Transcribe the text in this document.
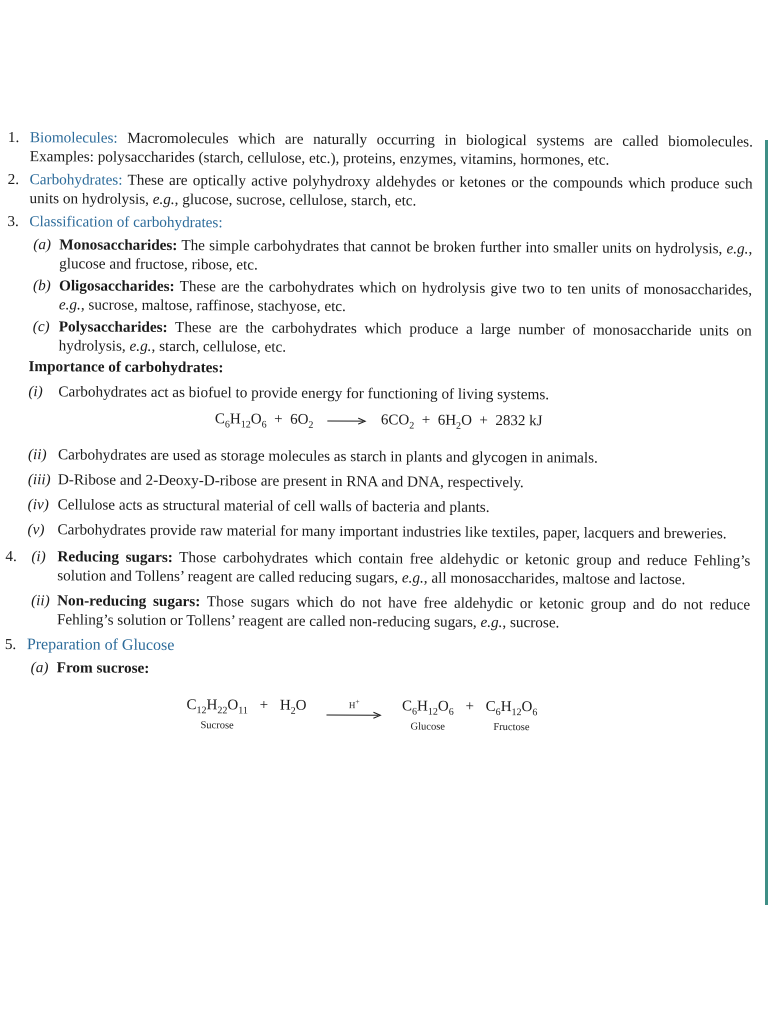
1. Biomolecules: Macromolecules which are naturally occurring in biological systems are called biomolecules. Examples: polysaccharides (starch, cellulose, etc.), proteins, enzymes, vitamins, hormones, etc.
2. Carbohydrates: These are optically active polyhydroxy aldehydes or ketones or the compounds which produce such units on hydrolysis, e.g., glucose, sucrose, cellulose, starch, etc.
3. Classification of carbohydrates:
(a) Monosaccharides: The simple carbohydrates that cannot be broken further into smaller units on hydrolysis, e.g., glucose and fructose, ribose, etc.
(b) Oligosaccharides: These are the carbohydrates which on hydrolysis give two to ten units of monosaccharides, e.g., sucrose, maltose, raffinose, stachyose, etc.
(c) Polysaccharides: These are the carbohydrates which produce a large number of monosaccharide units on hydrolysis, e.g., starch, cellulose, etc.
Importance of carbohydrates:
(i)	Carbohydrates act as biofuel to provide energy for functioning of living systems.
$C_6H_{12}O_6 + 6O_2 \to 6CO_2 + 6H_2O + 2832$ kJ
(ii) Carbohydrates are used as storage molecules as starch in plants and glycogen in animals.
(iii) D-Ribose and 2-Deoxy-D-ribose are present in RNA and DNA, respectively.
(iv) Cellulose acts as structural material of cell walls of bacteria and plants.
(v) Carbohydrates provide raw material for many important industries like textiles, paper, lacquers and breweries.
4. (i) Reducing sugars: Those carbohydrates which contain free aldehydic or ketonic group and reduce Fehling’s solution and Tollens’ reagent are called reducing sugars, e.g., all monosaccharides, maltose and lactose.
(ii) Non-reducing sugars: Those sugars which do not have free aldehydic or ketonic group and do not reduce Fehling’s solution or Tollens’ reagent are called non-reducing sugars, e.g., sucrose.
5. Preparation of Glucose
(a) From sucrose:
$C_{12}H_{22}O_{11}$
Sucrose
+ $H_2O$	H+	$C_6H_{12}O_6$
Glucose
+ $C_6H_{12}O_6$
Fructose
